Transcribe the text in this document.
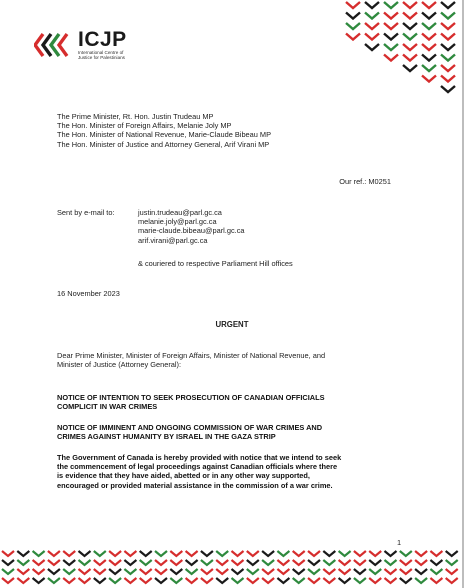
ICJP
International Centre of
Justice for Palestinians
The Prime Minister, Rt. Hon. Justin Trudeau MP
The Hon. Minister of Foreign Affairs, Melanie Joly MP
The Hon. Minister of National Revenue, Marie-Claude Bibeau MP
The Hon. Minister of Justice and Attorney General, Arif Virani MP
Our ref.: M0251
Sent by e-mail to:	justin.trudeau@parl.gc.ca
melanie.joly@parl.gc.ca
marie-claude.bibeau@parl.gc.ca
arif.virani@parl.gc.ca
& couriered to respective Parliament Hill offices
16 November 2023
URGENT
Dear Prime Minister, Minister of Foreign Affairs, Minister of National Revenue, and
Minister of Justice (Attorney General):
NOTICE OF INTENTION TO SEEK PROSECUTION OF CANADIAN OFFICIALS
COMPLICIT IN WAR CRIMES
NOTICE OF IMMINENT AND ONGOING COMMISSION OF WAR CRIMES AND
CRIMES AGAINST HUMANITY BY ISRAEL IN THE GAZA STRIP
The Government of Canada is hereby provided with notice that we intend to seek
the commencement of legal proceedings against Canadian officials where there
is evidence that they have aided, abetted or in any other way supported,
encouraged or provided material assistance in the commission of a war crime.
1
